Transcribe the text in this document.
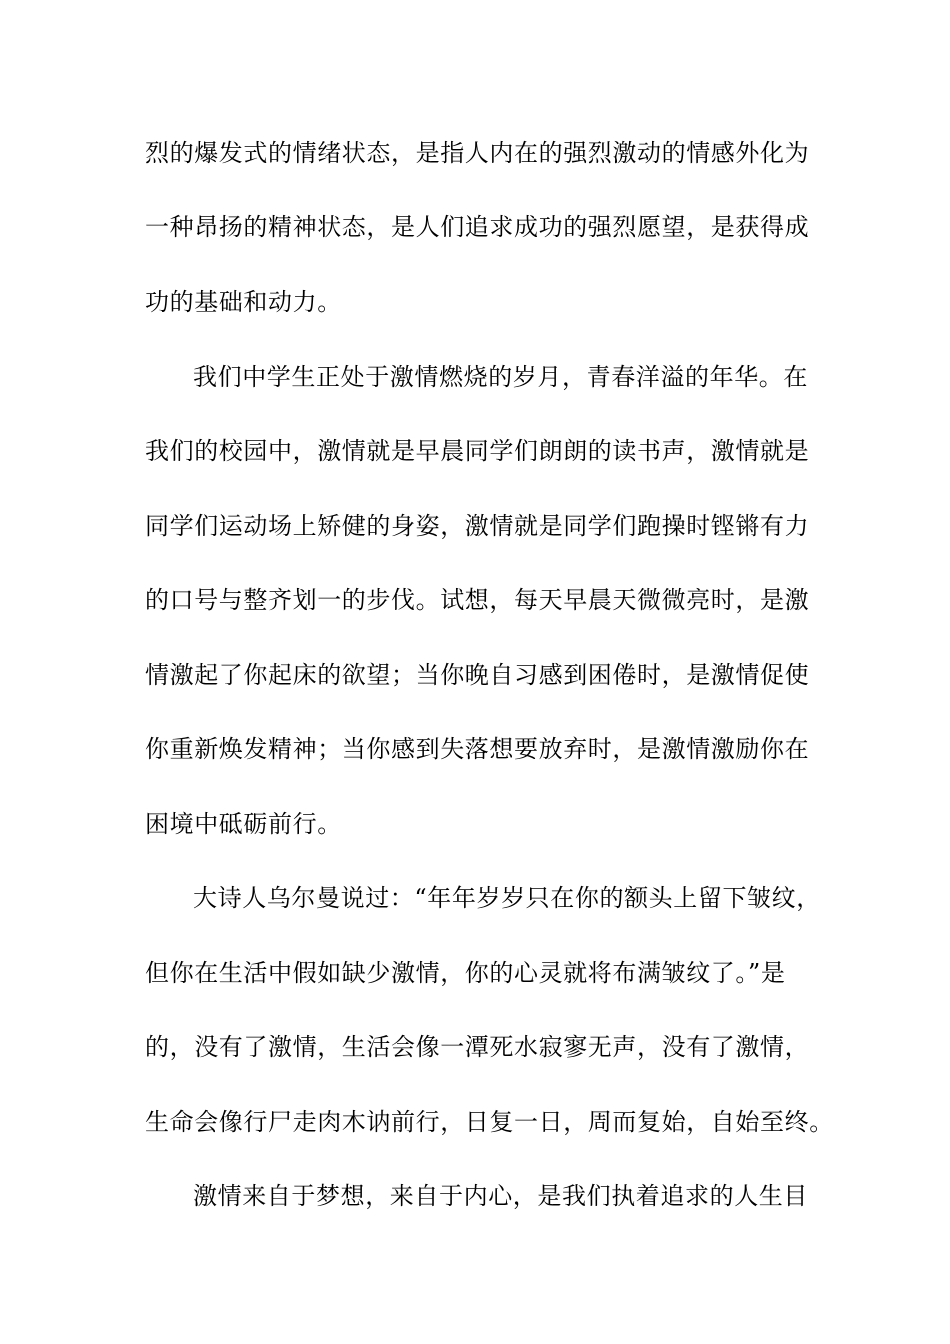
烈的爆发式的情绪状态，是指人内在的强烈激动的情感外化为
一种昂扬的精神状态，是人们追求成功的强烈愿望，是获得成
功的基础和动力。
我们中学生正处于激情燃烧的岁月，青春洋溢的年华。在
我们的校园中，激情就是早晨同学们朗朗的读书声，激情就是
同学们运动场上矫健的身姿，激情就是同学们跑操时铿锵有力
的口号与整齐划一的步伐。试想，每天早晨天微微亮时，是激
情激起了你起床的欲望；当你晚自习感到困倦时，是激情促使
你重新焕发精神；当你感到失落想要放弃时，是激情激励你在
困境中砥砺前行。
大诗人乌尔曼说过：“年年岁岁只在你的额头上留下皱纹，
但你在生活中假如缺少激情，你的心灵就将布满皱纹了。”是
的，没有了激情，生活会像一潭死水寂寥无声，没有了激情，
生命会像行尸走肉木讷前行，日复一日，周而复始，自始至终。
激情来自于梦想，来自于内心，是我们执着追求的人生目
